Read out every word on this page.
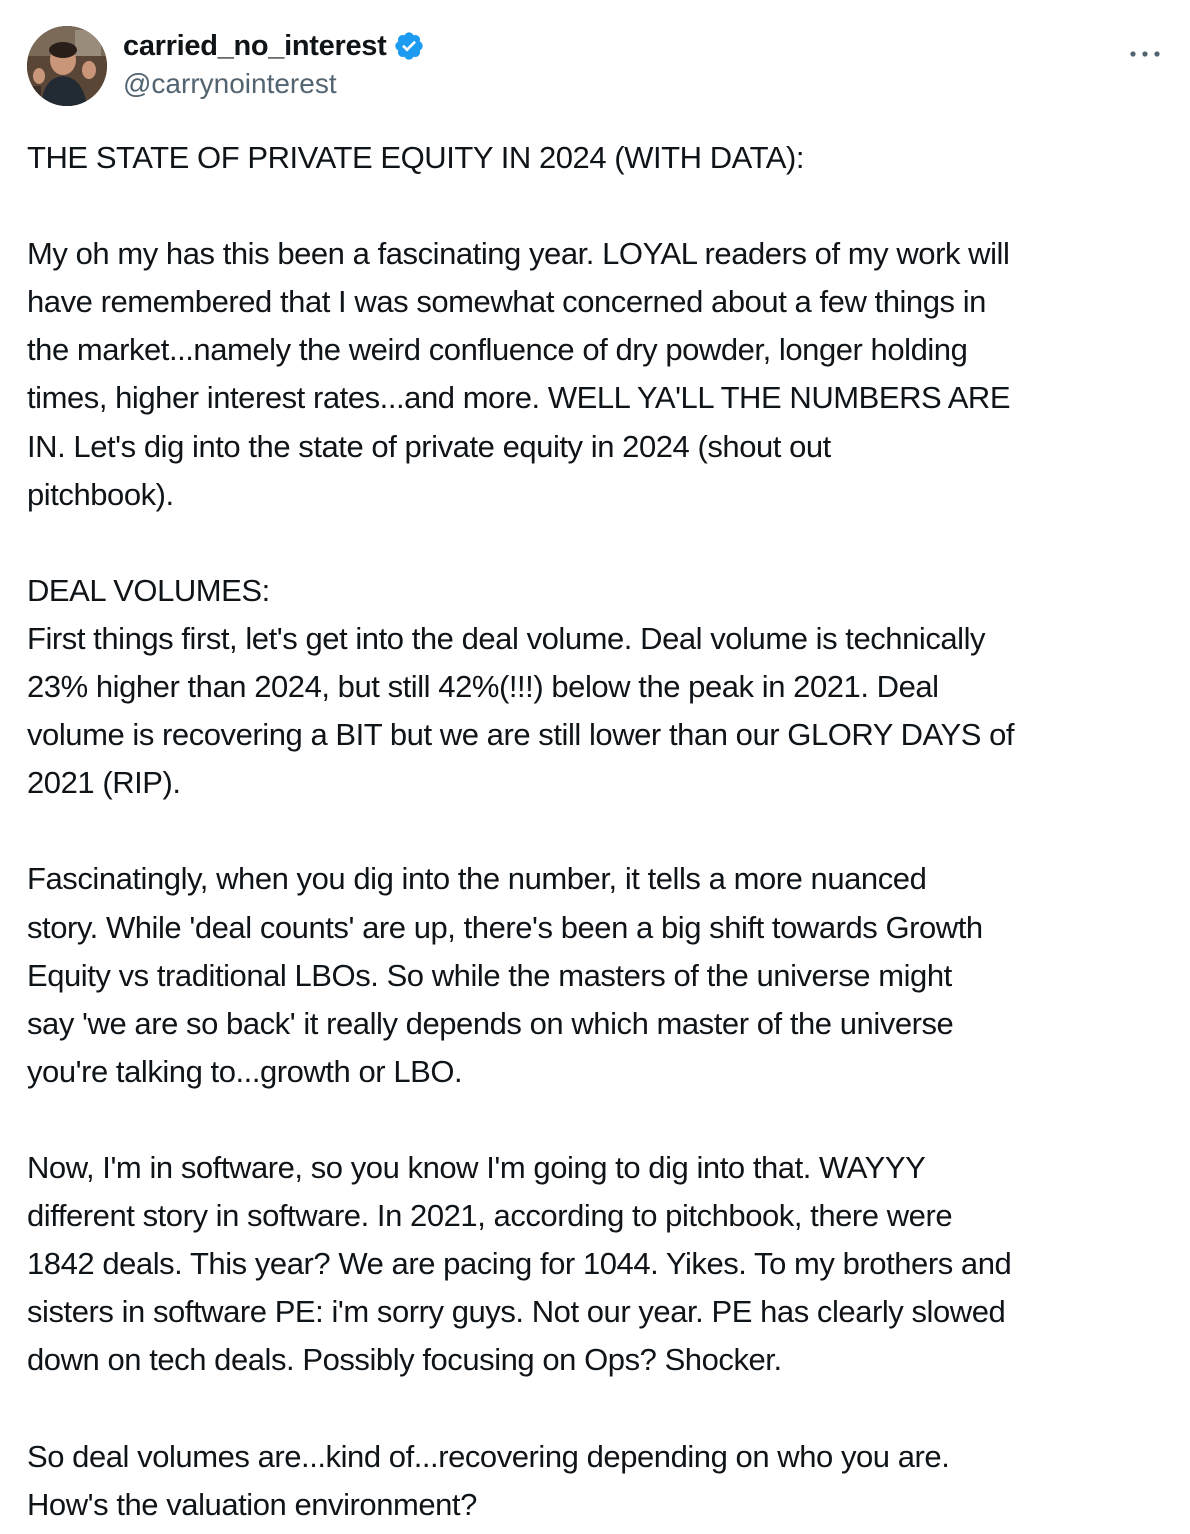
carried_no_interest
@carrynointerest
THE STATE OF PRIVATE EQUITY IN 2024 (WITH DATA):
My oh my has this been a fascinating year. LOYAL readers of my work will
have remembered that I was somewhat concerned about a few things in
the market...namely the weird confluence of dry powder, longer holding
times, higher interest rates...and more. WELL YA'LL THE NUMBERS ARE
IN. Let's dig into the state of private equity in 2024 (shout out
pitchbook).
DEAL VOLUMES:
First things first, let's get into the deal volume. Deal volume is technically
23% higher than 2024, but still 42%(!!!) below the peak in 2021. Deal
volume is recovering a BIT but we are still lower than our GLORY DAYS of
2021 (RIP).
Fascinatingly, when you dig into the number, it tells a more nuanced
story. While 'deal counts' are up, there's been a big shift towards Growth
Equity vs traditional LBOs. So while the masters of the universe might
say 'we are so back' it really depends on which master of the universe
you're talking to...growth or LBO.
Now, I'm in software, so you know I'm going to dig into that. WAYYY
different story in software. In 2021, according to pitchbook, there were
1842 deals. This year? We are pacing for 1044. Yikes. To my brothers and
sisters in software PE: i'm sorry guys. Not our year. PE has clearly slowed
down on tech deals. Possibly focusing on Ops? Shocker.
So deal volumes are...kind of...recovering depending on who you are.
How's the valuation environment?
